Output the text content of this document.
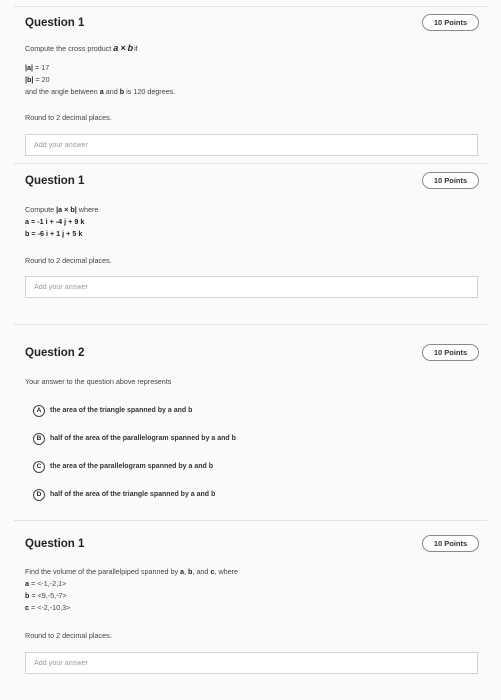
Question 1	10 Points
Compute the cross product a × bif
|a| = 17
|b| = 20
and the angle between a and b is 120 degrees.
Round to 2 decimal places.
Add your answer
Question 1	10 Points
Compute |a × b| where
a = -1 i + -4 j + 9 k
b = -6 i + 1 j + 5 k
Round to 2 decimal places.
Add your answer
Question 2	10 Points
Your answer to the question above represents
A the area of the triangle spanned by a and b
B half of the area of the parallelogram spanned by a and b
C the area of the parallelogram spanned by a and b
D half of the area of the triangle spanned by a and b
Question 1	10 Points
Find the volume of the parallelpiped spanned by a, b, and c, where
a = <-1,-2,1>
b = <9,-5,-7>
c = <-2,-10,3>
Round to 2 decimal places.
Add your answer
